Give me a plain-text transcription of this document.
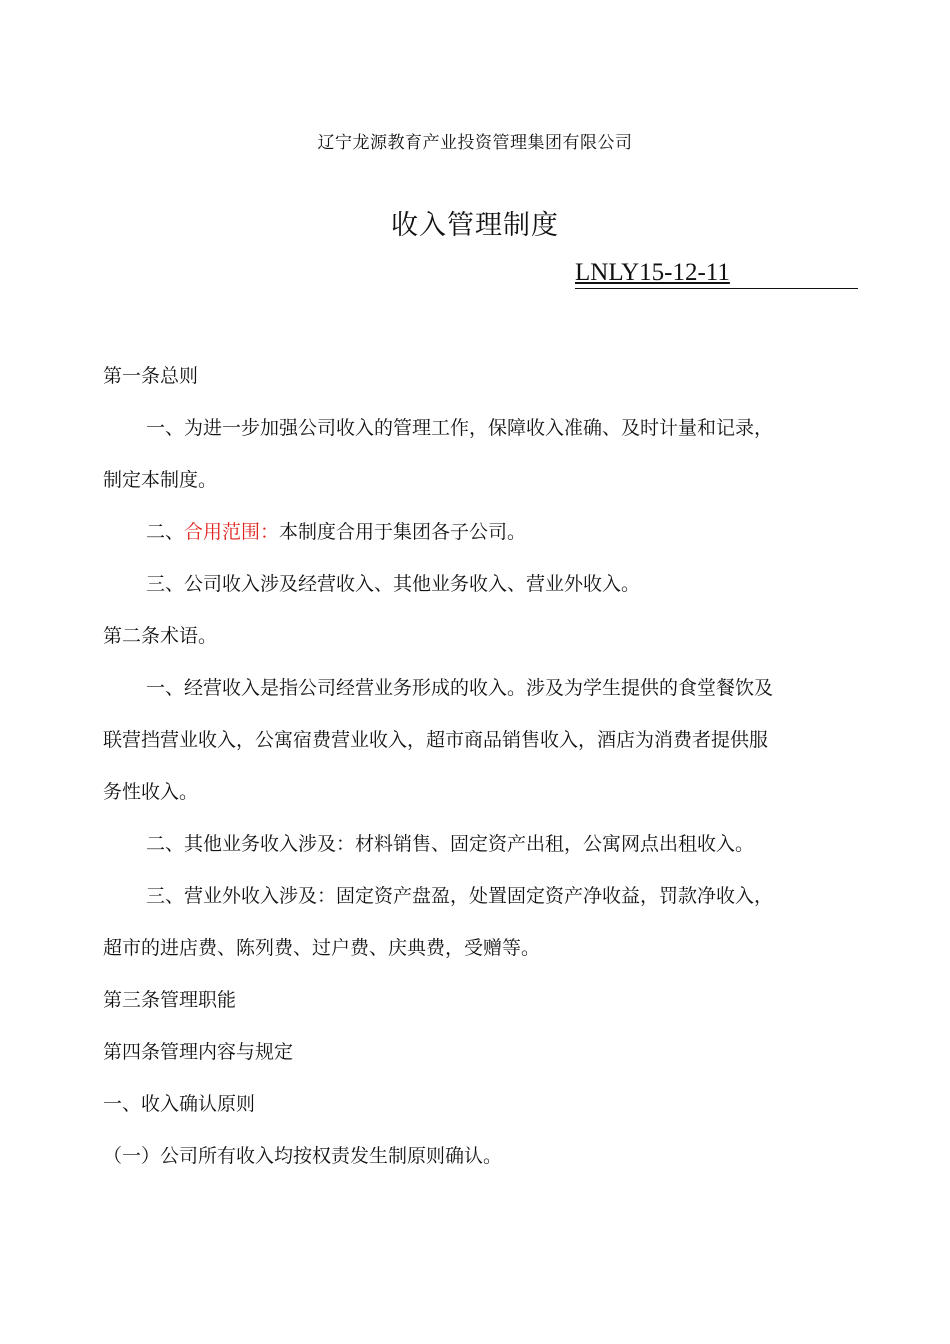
辽宁龙源教育产业投资管理集团有限公司
收入管理制度
LNLY15-12-11
第一条总则
一、为进一步加强公司收入的管理工作，保障收入准确、及时计量和记录，
制定本制度。
二、合用范围：本制度合用于集团各子公司。
三、公司收入涉及经营收入、其他业务收入、营业外收入。
第二条术语。
一、经营收入是指公司经营业务形成的收入。涉及为学生提供的食堂餐饮及
联营挡营业收入，公寓宿费营业收入，超市商品销售收入，酒店为消费者提供服
务性收入。
二、其他业务收入涉及：材料销售、固定资产出租，公寓网点出租收入。
三、营业外收入涉及：固定资产盘盈，处置固定资产净收益，罚款净收入，
超市的进店费、陈列费、过户费、庆典费，受赠等。
第三条管理职能
第四条管理内容与规定
一、收入确认原则
（一）公司所有收入均按权责发生制原则确认。
